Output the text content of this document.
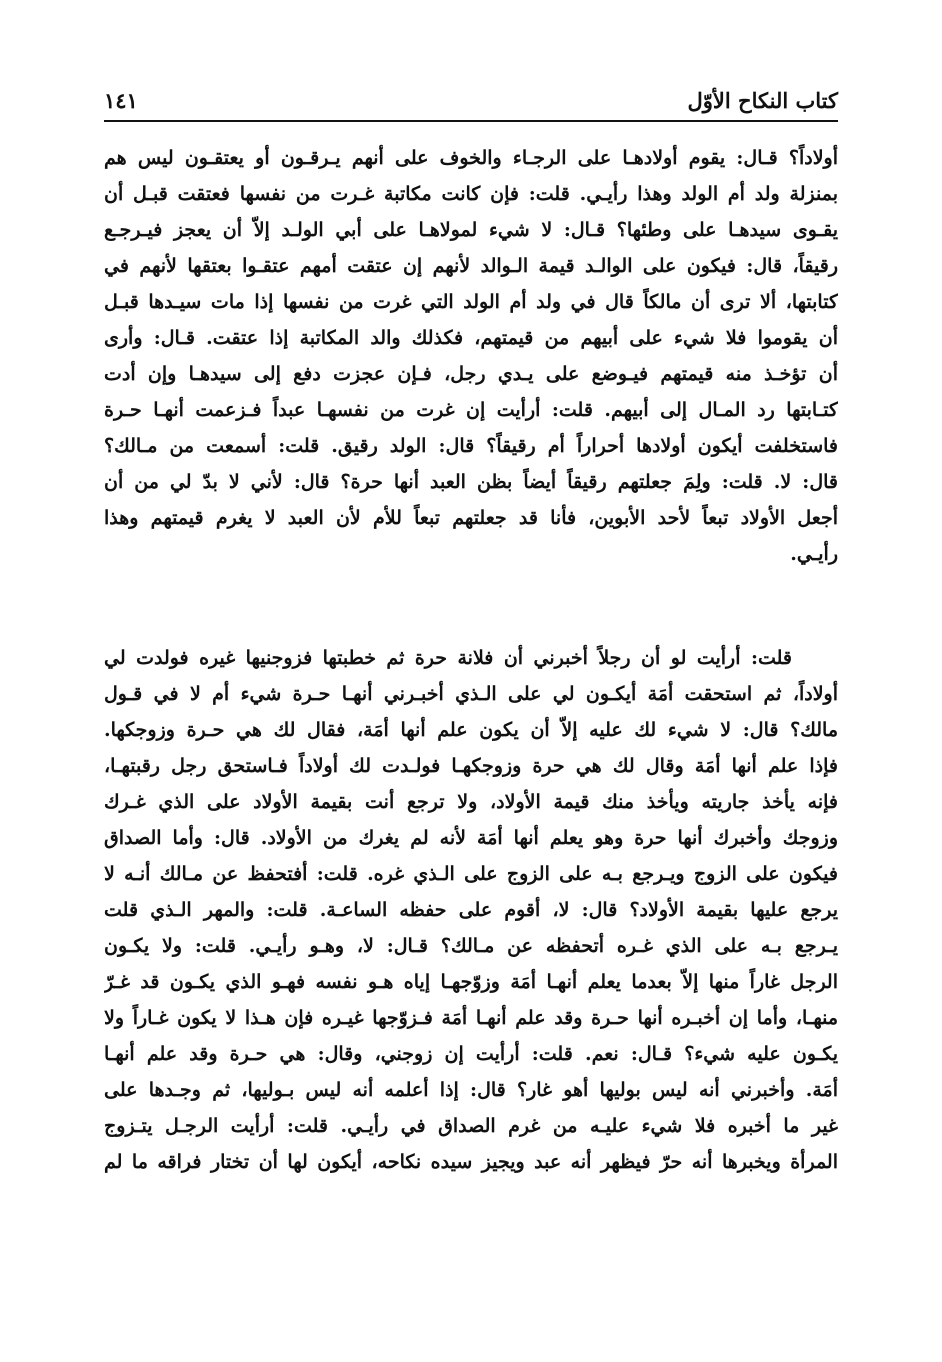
كتاب النكاح الأوّل
١٤١
أولاداً؟ قـال: يقوم أولادهـا على الرجـاء والخوف على أنهم يـرقـون أو يعتقـون ليس هم
بمنزلة ولد أم الولد وهذا رأيـي. قلت: فإن كانت مكاتبة غـرت من نفسها فعتقت قبـل أن
يقـوى سيدهـا على وطئها؟ قـال: لا شيء لمولاهـا على أبي الولـد إلاّ أن يعجز فيـرجـع
رقيقاً، قال: فيكون على الوالـد قيمة الـوالد لأنهم إن عتقت أمهم عتقـوا بعتقها لأنهم في
كتابتها، ألا ترى أن مالكاً قال في ولد أم الولد التي غرت من نفسها إذا مات سيـدها قبـل
أن يقوموا فلا شيء على أبيهم من قيمتهم، فكذلك والد المكاتبة إذا عتقت. قـال: وأرى
أن تؤخـذ منه قيمتهم فيـوضع على يـدي رجل، فـإن عجزت دفع إلى سيدهـا وإن أدت
كتـابتها رد المـال إلى أبيهم. قلت: أرأيت إن غرت من نفسهـا عبداً فـزعمت أنهـا حـرة
فاستخلفت أيكون أولادها أحراراً أم رقيقاً؟ قال: الولد رقيق. قلت: أسمعت من مـالك؟
قال: لا. قلت: ولِمَ جعلتهم رقيقاً أيضاً بظن العبد أنها حرة؟ قال: لأني لا بدّ لي من أن
أجعل الأولاد تبعاً لأحد الأبوين، فأنا قد جعلتهم تبعاً للأم لأن العبد لا يغرم قيمتهم وهذا
رأيـي.
قلت: أرأيت لو أن رجلاً أخبرني أن فلانة حرة ثم خطبتها فزوجنيها غيره فولدت لي
أولاداً، ثم استحقت أمَة أيكـون لي على الـذي أخبـرني أنهـا حـرة شيء أم لا في قـول
مالك؟ قال: لا شيء لك عليه إلاّ أن يكون علم أنها أمَة، فقال لك هي حـرة وزوجكها.
فإذا علم أنها أمَة وقال لك هي حرة وزوجكهـا فولـدت لك أولاداً فـاستحق رجل رقبتهـا،
فإنه يأخذ جاريته ويأخذ منك قيمة الأولاد، ولا ترجع أنت بقيمة الأولاد على الذي غـرك
وزوجك وأخبرك أنها حرة وهو يعلم أنها أمَة لأنه لم يغرك من الأولاد. قال: وأما الصداق
فيكون على الزوج ويـرجع بـه على الزوج على الـذي غره. قلت: أفتحفظ عن مـالك أنـه لا
يرجع عليها بقيمة الأولاد؟ قال: لا، أقوم على حفظه الساعـة. قلت: والمهر الـذي قلت
يـرجع بـه على الذي غـره أتحفظه عن مـالك؟ قـال: لا، وهـو رأيـي. قلت: ولا يكـون
الرجل غاراً منها إلاّ بعدما يعلم أنهـا أمَة وزوّجهـا إياه هـو نفسه فهـو الذي يكـون قد غـرّ
منهـا، وأما إن أخبـره أنها حـرة وقد علم أنهـا أمَة فـزوّجها غيـره فإن هـذا لا يكون غـاراً ولا
يكـون عليه شيء؟ قـال: نعم. قلت: أرأيت إن زوجني، وقال: هي حـرة وقد علم أنهـا
أمَة. وأخبرني أنه ليس بوليها أهو غار؟ قال: إذا أعلمه أنه ليس بـوليها، ثم وجـدها على
غير ما أخبره فلا شيء عليـه من غرم الصداق في رأيـي. قلت: أرأيت الرجـل يتـزوج
المرأة ويخبرها أنه حرّ فيظهر أنه عبد ويجيز سيده نكاحه، أيكون لها أن تختار فراقه ما لم
